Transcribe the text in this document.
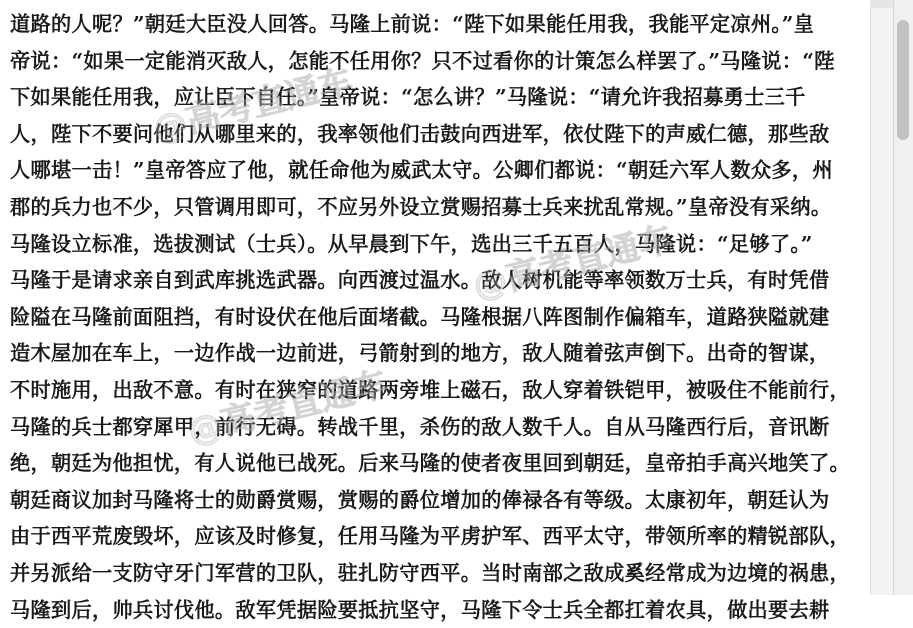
道路的人呢？”朝廷大臣没人回答。马隆上前说：“陛下如果能任用我，我能平定凉州。”皇
帝说：“如果一定能消灭敌人，怎能不任用你？只不过看你的计策怎么样罢了。”马隆说：“陛
下如果能任用我，应让臣下自任。”皇帝说：“怎么讲？”马隆说：“请允许我招募勇士三千
人，陛下不要问他们从哪里来的，我率领他们击鼓向西进军，依仗陛下的声威仁德，那些敌
人哪堪一击！”皇帝答应了他，就任命他为威武太守。公卿们都说：“朝廷六军人数众多，州
郡的兵力也不少，只管调用即可，不应另外设立赏赐招募士兵来扰乱常规。”皇帝没有采纳。
马隆设立标准，选拔测试（士兵）。从早晨到下午，选出三千五百人，马隆说：“足够了。”
马隆于是请求亲自到武库挑选武器。向西渡过温水。敌人树机能等率领数万士兵，有时凭借
险隘在马隆前面阻挡，有时设伏在他后面堵截。马隆根据八阵图制作偏箱车，道路狭隘就建
造木屋加在车上，一边作战一边前进，弓箭射到的地方，敌人随着弦声倒下。出奇的智谋，
不时施用，出敌不意。有时在狭窄的道路两旁堆上磁石，敌人穿着铁铠甲，被吸住不能前行，
马隆的兵士都穿犀甲，前行无碍。转战千里，杀伤的敌人数千人。自从马隆西行后，音讯断
绝，朝廷为他担忧，有人说他已战死。后来马隆的使者夜里回到朝廷，皇帝拍手高兴地笑了。
朝廷商议加封马隆将士的勋爵赏赐，赏赐的爵位增加的俸禄各有等级。太康初年，朝廷认为
由于西平荒废毁坏，应该及时修复，任用马隆为平虏护军、西平太守，带领所率的精锐部队，
并另派给一支防守牙门军营的卫队，驻扎防守西平。当时南部之敌成奚经常成为边境的祸患，
马隆到后，帅兵讨伐他。敌军凭据险要抵抗坚守，马隆下令士兵全都扛着农具，做出要去耕
@高考直通车
@高考直通车
@高考直通车
